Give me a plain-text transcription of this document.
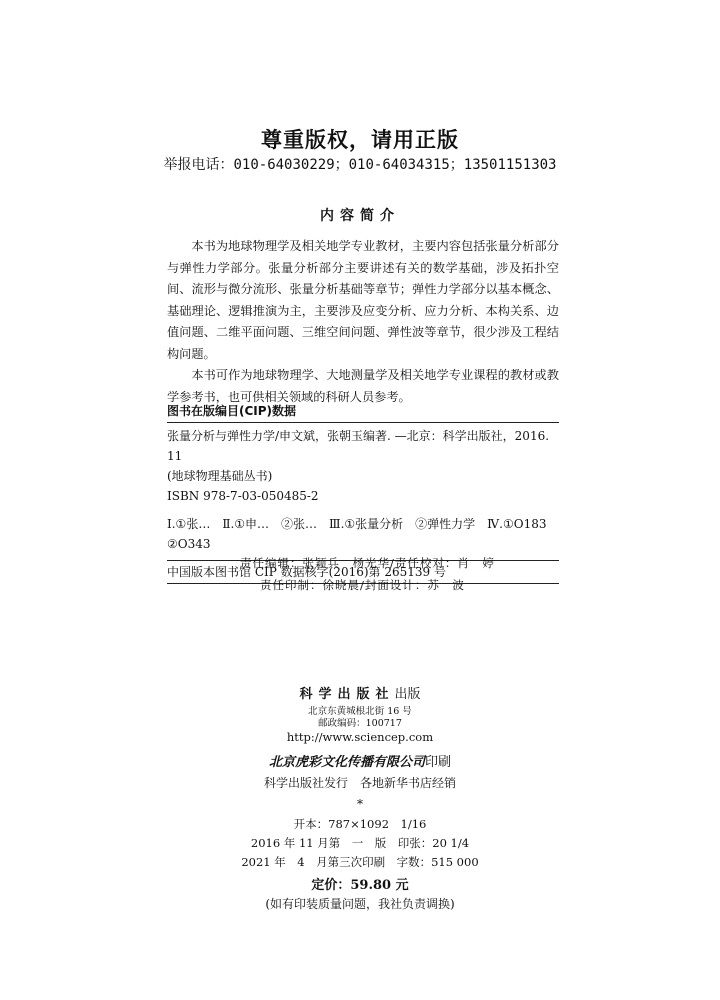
尊重版权，请用正版
举报电话：010-64030229；010-64034315；13501151303
内容简介

本书为地球物理学及相关地学专业教材，主要内容包括张量分析部分与弹性力学部分。张量分析部分主要讲述有关的数学基础，涉及拓扑空间、流形与微分流形、张量分析基础等章节；弹性力学部分以基本概念、基础理论、逻辑推演为主，主要涉及应变分析、应力分析、本构关系、边值问题、二维平面问题、三维空间问题、弹性波等章节，很少涉及工程结构问题。

本书可作为地球物理学、大地测量学及相关地学专业课程的教材或教学参考书，也可供相关领域的科研人员参考。

图书在版编目(CIP)数据
张量分析与弹性力学/申文斌，张朝玉编著. —北京：科学出版社，2016. 11
(地球物理基础丛书)
ISBN 978-7-03-050485-2
Ⅰ.①张…　Ⅱ.①申…　②张…　Ⅲ.①张量分析　②弹性力学　Ⅳ.①O183
②O343
中国版本图书馆 CIP 数据核字(2016)第 265139 号
责任编辑：张颖兵　杨光华/责任校对：肖　婷
责任印制：徐晓晨/封面设计：苏　波
科学出版社出版
北京东黄城根北街 16 号
邮政编码：100717
http://www.sciencep.com
北京虎彩文化传播有限公司印刷
科学出版社发行　各地新华书店经销
*
开本：787×1092　1/16
2016 年 11 月第　一　版　印张：20 1/4
2021 年　4　月第三次印刷　字数：515 000
定价：59.80 元
(如有印装质量问题，我社负责调换)
